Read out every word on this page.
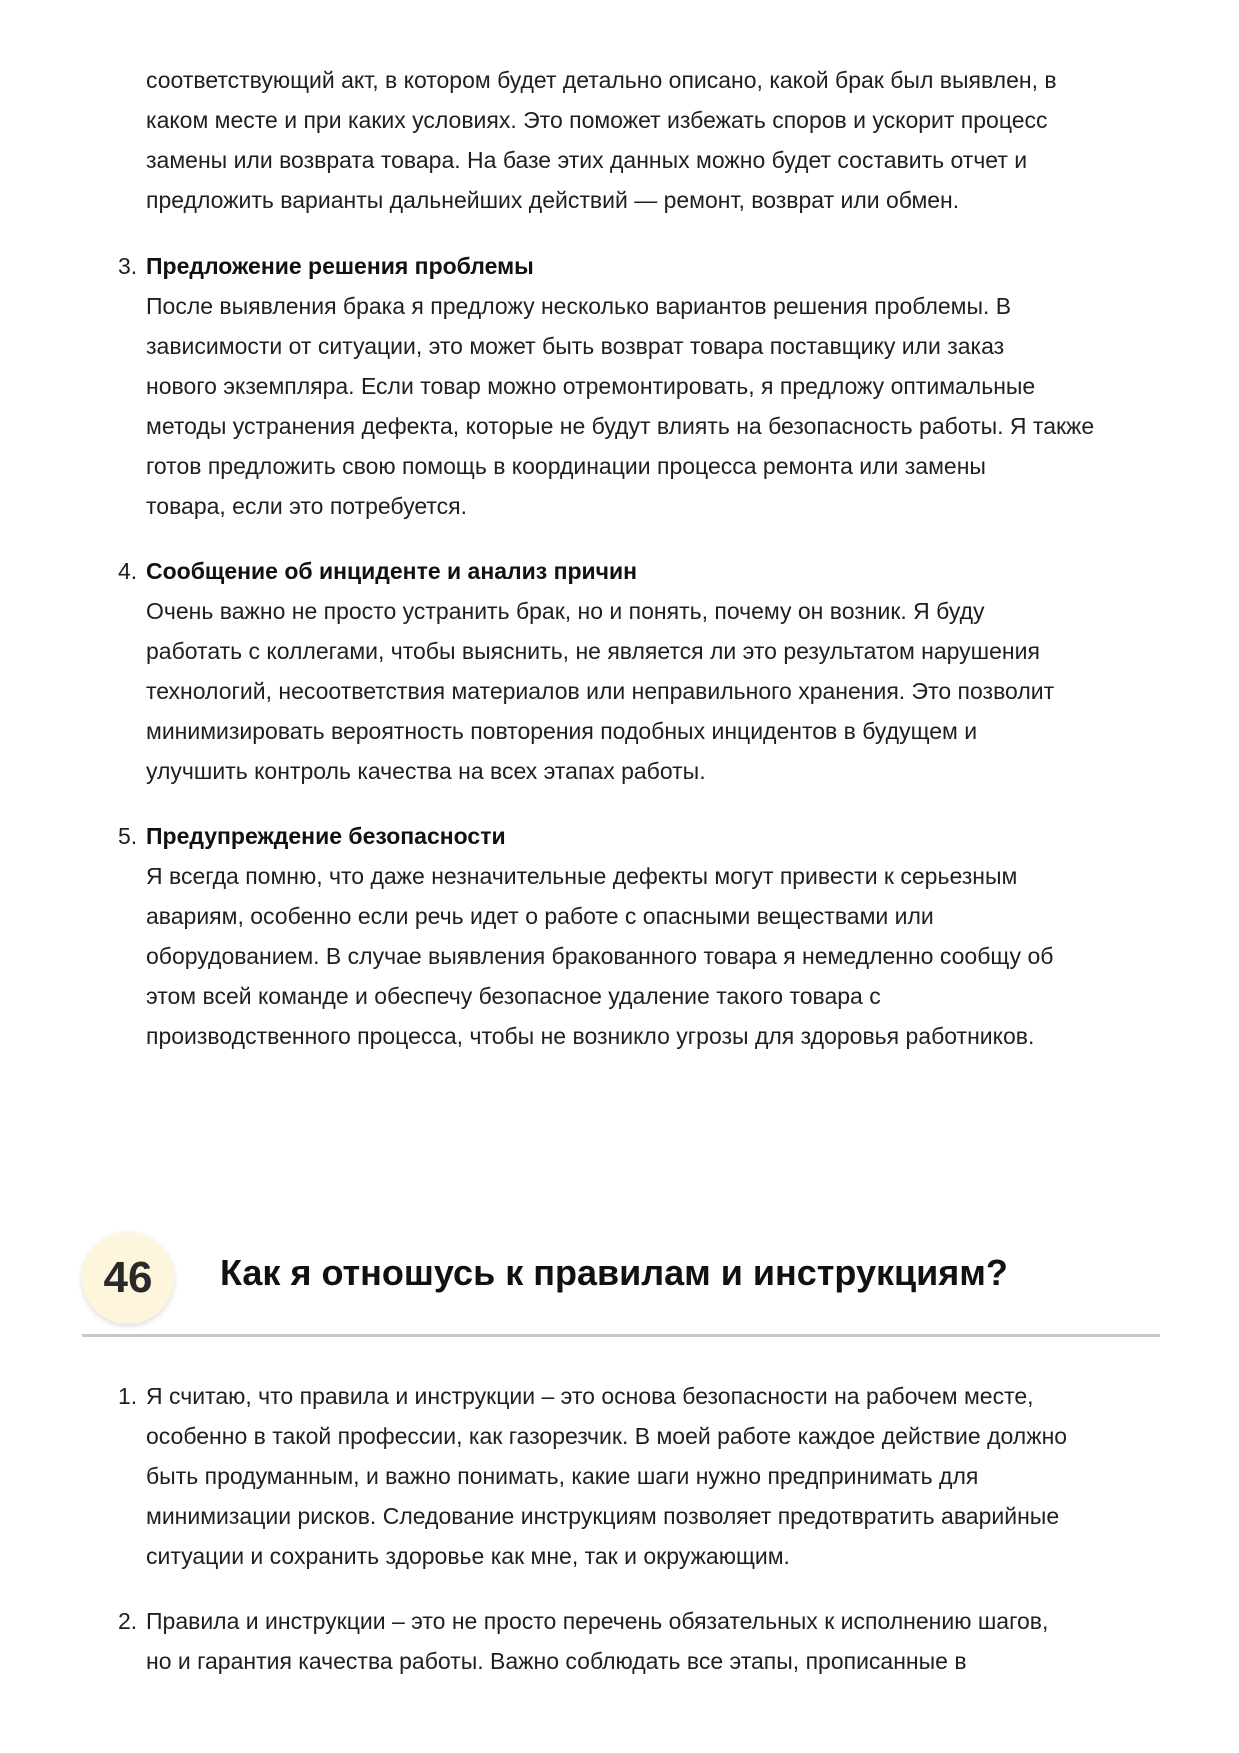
соответствующий акт, в котором будет детально описано, какой брак был выявлен, в
каком месте и при каких условиях. Это поможет избежать споров и ускорит процесс
замены или возврата товара. На базе этих данных можно будет составить отчет и
предложить варианты дальнейших действий — ремонт, возврат или обмен.
3. Предложение решения проблемы
После выявления брака я предложу несколько вариантов решения проблемы. В
зависимости от ситуации, это может быть возврат товара поставщику или заказ
нового экземпляра. Если товар можно отремонтировать, я предложу оптимальные
методы устранения дефекта, которые не будут влиять на безопасность работы. Я также
готов предложить свою помощь в координации процесса ремонта или замены
товара, если это потребуется.
4. Сообщение об инциденте и анализ причин
Очень важно не просто устранить брак, но и понять, почему он возник. Я буду
работать с коллегами, чтобы выяснить, не является ли это результатом нарушения
технологий, несоответствия материалов или неправильного хранения. Это позволит
минимизировать вероятность повторения подобных инцидентов в будущем и
улучшить контроль качества на всех этапах работы.
5. Предупреждение безопасности
Я всегда помню, что даже незначительные дефекты могут привести к серьезным
авариям, особенно если речь идет о работе с опасными веществами или
оборудованием. В случае выявления бракованного товара я немедленно сообщу об
этом всей команде и обеспечу безопасное удаление такого товара с
производственного процесса, чтобы не возникло угрозы для здоровья работников.
46	Как я отношусь к правилам и инструкциям?
1. Я считаю, что правила и инструкции – это основа безопасности на рабочем месте,
особенно в такой профессии, как газорезчик. В моей работе каждое действие должно
быть продуманным, и важно понимать, какие шаги нужно предпринимать для
минимизации рисков. Следование инструкциям позволяет предотвратить аварийные
ситуации и сохранить здоровье как мне, так и окружающим.
2. Правила и инструкции – это не просто перечень обязательных к исполнению шагов,
но и гарантия качества работы. Важно соблюдать все этапы, прописанные в
